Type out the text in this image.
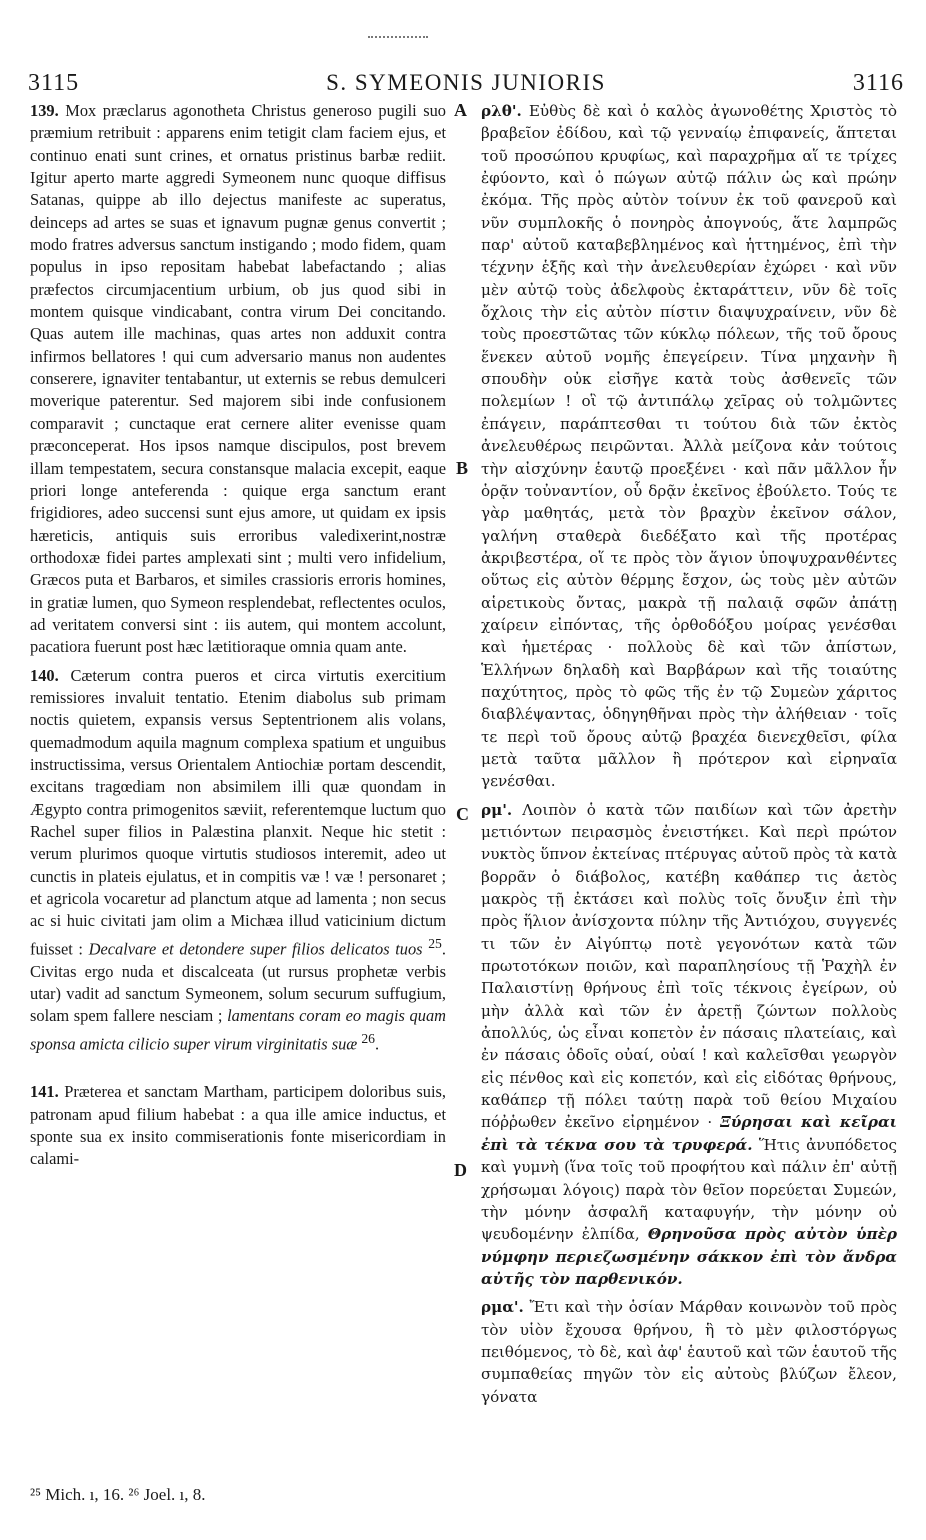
3115	S. SYMEONIS JUNIORIS	3116

139. Mox præclarus agonotheta Christus generoso pugili suo præmium retribuit : apparens enim tetigit clam faciem ejus, et continuo enati sunt crines, et ornatus pristinus barbæ rediit. Igitur aperto marte aggredi Symeonem nunc quoque diffisus Satanas, quippe ab illo dejectus manifeste ac superatus, deinceps ad artes se suas et ignavum pugnæ genus convertit ; modo fratres adversus sanctum instigando ; modo fidem, quam populus in ipso repositam habebat labefactando ; alias præfectos circumjacentium urbium, ob jus quod sibi in montem quisque vindicabant, contra virum Dei concitando. Quas autem ille machinas, quas artes non adduxit contra infirmos bellatores ! qui cum adversario manus non audentes conserere, ignaviter tentabantur, ut externis se rebus demulceri moverique paterentur. Sed majorem sibi inde confusionem comparavit ; cunctaque erat cernere aliter evenisse quam præconceperat. Hos ipsos namque discipulos, post brevem illam tempestatem, secura constansque malacia excepit, eaque priori longe anteferenda : quique erga sanctum erant frigidiores, adeo succensi sunt ejus amore, ut quidam ex ipsis hæreticis, antiquis suis erroribus valedixerint,nostræ orthodoxæ fidei partes amplexati sint ; multi vero infidelium, Græcos puta et Barbaros, et similes crassioris erroris homines, in gratiæ lumen, quo Symeon resplendebat, reflectentes oculos, ad veritatem conversi sint : iis autem, qui montem accolunt, pacatiora fuerunt post hæc lætitioraque omnia quam ante.

140. Cæterum contra pueros et circa virtutis exercitium remissiores invaluit tentatio. Etenim diabolus sub primam noctis quietem, expansis versus Septentrionem alis volans, quemadmodum aquila magnum complexa spatium et unguibus instructissima, versus Orientalem Antiochiæ portam descendit, excitans tragœdiam non absimilem illi quæ quondam in Ægypto contra primogenitos sæviit, referentemque luctum quo Rachel super filios in Palæstina planxit. Neque hic stetit : verum plurimos quoque virtutis studiosos interemit, adeo ut cunctis in plateis ejulatus, et in compitis væ ! væ ! personaret ; et agricola vocaretur ad planctum atque ad lamenta ; non secus ac si huic civitati jam olim a Michæa illud vaticinium dictum fuisset : Decalvare et detondere super filios delicatos tuos $^{25}$. Civitas ergo nuda et discalceata (ut rursus prophetæ verbis utar) vadit ad sanctum Symeonem, solum securum suffugium, solam spem fallere nesciam ; lamentans coram eo magis quam sponsa amicta cilicio super virum virginitatis suæ $^{26}$.

141. Præterea et sanctam Martham, participem doloribus suis, patronam apud filium habebat : a qua ille amice inductus, et sponte sua ex insito commiserationis fonte misericordiam in calami-

A
B
C
D

ρλθ'. Εὐθὺς δὲ καὶ ὁ καλὸς ἀγωνοθέτης Χριστὸς τὸ βραβεῖον ἐδίδου, καὶ τῷ γενναίῳ ἐπιφανείς, ἅπτεται τοῦ προσώπου κρυφίως, καὶ παραχρῆμα αἵ τε τρίχες ἐφύοντο, καὶ ὁ πώγων αὐτῷ πάλιν ὡς καὶ πρώην ἐκόμα. Τῆς πρὸς αὐτὸν τοίνυν ἐκ τοῦ φανεροῦ καὶ νῦν συμπλοκῆς ὁ πονηρὸς ἀπογνούς, ἅτε λαμπρῶς παρ' αὐτοῦ καταβεβλημένος καὶ ἡττημένος, ἐπὶ τὴν τέχνην ἑξῆς καὶ τὴν ἀνελευθερίαν ἐχώρει · καὶ νῦν μὲν αὐτῷ τοὺς ἀδελφοὺς ἐκταράττειν, νῦν δὲ τοῖς ὄχλοις τὴν εἰς αὐτὸν πίστιν διαψυχραίνειν, νῦν δὲ τοὺς προεστῶτας τῶν κύκλῳ πόλεων, τῆς τοῦ ὄρους ἕνεκεν αὐτοῦ νομῆς ἐπεγείρειν. Τίνα μηχανὴν ἢ σπουδὴν οὐκ εἰσῆγε κατὰ τοὺς ἀσθενεῖς τῶν πολεμίων ! οἳ τῷ ἀντιπάλῳ χεῖρας οὐ τολμῶντες ἐπάγειν, παράπτεσθαι τι τούτου διὰ τῶν ἐκτὸς ἀνελευθέρως πειρῶνται. Ἀλλὰ μείζονα κἀν τούτοις τὴν αἰσχύνην ἑαυτῷ προεξένει · καὶ πᾶν μᾶλλον ἦν ὁρᾷν τοὐναντίον, οὗ δρᾷν ἐκεῖνος ἐβούλετο. Τούς τε γὰρ μαθητάς, μετὰ τὸν βραχὺν ἐκεῖνον σάλον, γαλήνη σταθερὰ διεδέξατο καὶ τῆς προτέρας ἀκριβεστέρα, οἵ τε πρὸς τὸν ἅγιον ὑποψυχρανθέντες οὕτως εἰς αὐτὸν θέρμης ἔσχον, ὡς τοὺς μὲν αὐτῶν αἱρετικοὺς ὄντας, μακρὰ τῇ παλαιᾷ σφῶν ἀπάτῃ χαίρειν εἰπόντας, τῆς ὀρθοδόξου μοίρας γενέσθαι καὶ ἡμετέρας · πολλοὺς δὲ καὶ τῶν ἀπίστων, Ἑλλήνων δηλαδὴ καὶ Βαρβάρων καὶ τῆς τοιαύτης παχύτητος, πρὸς τὸ φῶς τῆς ἐν τῷ Συμεὼν χάριτος διαβλέψαντας, ὁδηγηθῆναι πρὸς τὴν ἀλήθειαν · τοῖς τε περὶ τοῦ ὄρους αὐτῷ βραχέα διενεχθεῖσι, φίλα μετὰ ταῦτα μᾶλλον ἢ πρότερον καὶ εἰρηναῖα γενέσθαι.

ρμ'. Λοιπὸν ὁ κατὰ τῶν παιδίων καὶ τῶν ἀρετὴν μετιόντων πειρασμὸς ἐνειστήκει. Καὶ περὶ πρώτον νυκτὸς ὕπνον ἐκτείνας πτέρυγας αὐτοῦ πρὸς τὰ κατὰ βορρᾶν ὁ διάβολος, κατέβη καθάπερ τις ἀετὸς μακρὸς τῇ ἐκτάσει καὶ πολὺς τοῖς ὄνυξιν ἐπὶ τὴν πρὸς ἥλιον ἀνίσχοντα πύλην τῆς Ἀντιόχου, συγγενές τι τῶν ἐν Αἰγύπτῳ ποτὲ γεγονότων κατὰ τῶν πρωτοτόκων ποιῶν, καὶ παραπλησίους τῇ Ῥαχὴλ ἐν Παλαιστίνῃ θρήνους ἐπὶ τοῖς τέκνοις ἐγείρων, οὐ μὴν ἀλλὰ καὶ τῶν ἐν ἀρετῇ ζώντων πολλοὺς ἀπολλύς, ὡς εἶναι κοπετὸν ἐν πάσαις πλατείαις, καὶ ἐν πάσαις ὁδοῖς οὐαί, οὐαί ! καὶ καλεῖσθαι γεωργὸν εἰς πένθος καὶ εἰς κοπετόν, καὶ εἰς εἰδότας θρήνους, καθάπερ τῇ πόλει ταύτῃ παρὰ τοῦ θείου Μιχαίου πόῤῥωθεν ἐκεῖνο εἰρημένον · Ξύρησαι καὶ κεῖραι ἐπὶ τὰ τέκνα σου τὰ τρυφερά. Ἥτις ἀνυπόδετος καὶ γυμνὴ (ἵνα τοῖς τοῦ προφήτου καὶ πάλιν ἐπ' αὐτῇ χρήσωμαι λόγοις) παρὰ τὸν θεῖον πορεύεται Συμεών, τὴν μόνην ἀσφαλῆ καταφυγήν, τὴν μόνην οὐ ψευδομένην ἐλπίδα, Θρηνοῦσα πρὸς αὐτὸν ὑπὲρ νύμφην περιεζωσμένην σάκκον ἐπὶ τὸν ἄνδρα αὐτῆς τὸν παρθενικόν.

ρμα'. Ἔτι καὶ τὴν ὁσίαν Μάρθαν κοινωνὸν τοῦ πρὸς τὸν υἱὸν ἔχουσα θρήνου, ἣ τὸ μὲν φιλοστόργως πειθόμενος, τὸ δὲ, καὶ ἀφ' ἑαυτοῦ καὶ τῶν ἑαυτοῦ τῆς συμπαθείας πηγῶν τὸν εἰς αὐτοὺς βλύζων ἔλεον, γόνατα

²⁵ Mich. ı, 16. ²⁶ Joel. ı, 8.
